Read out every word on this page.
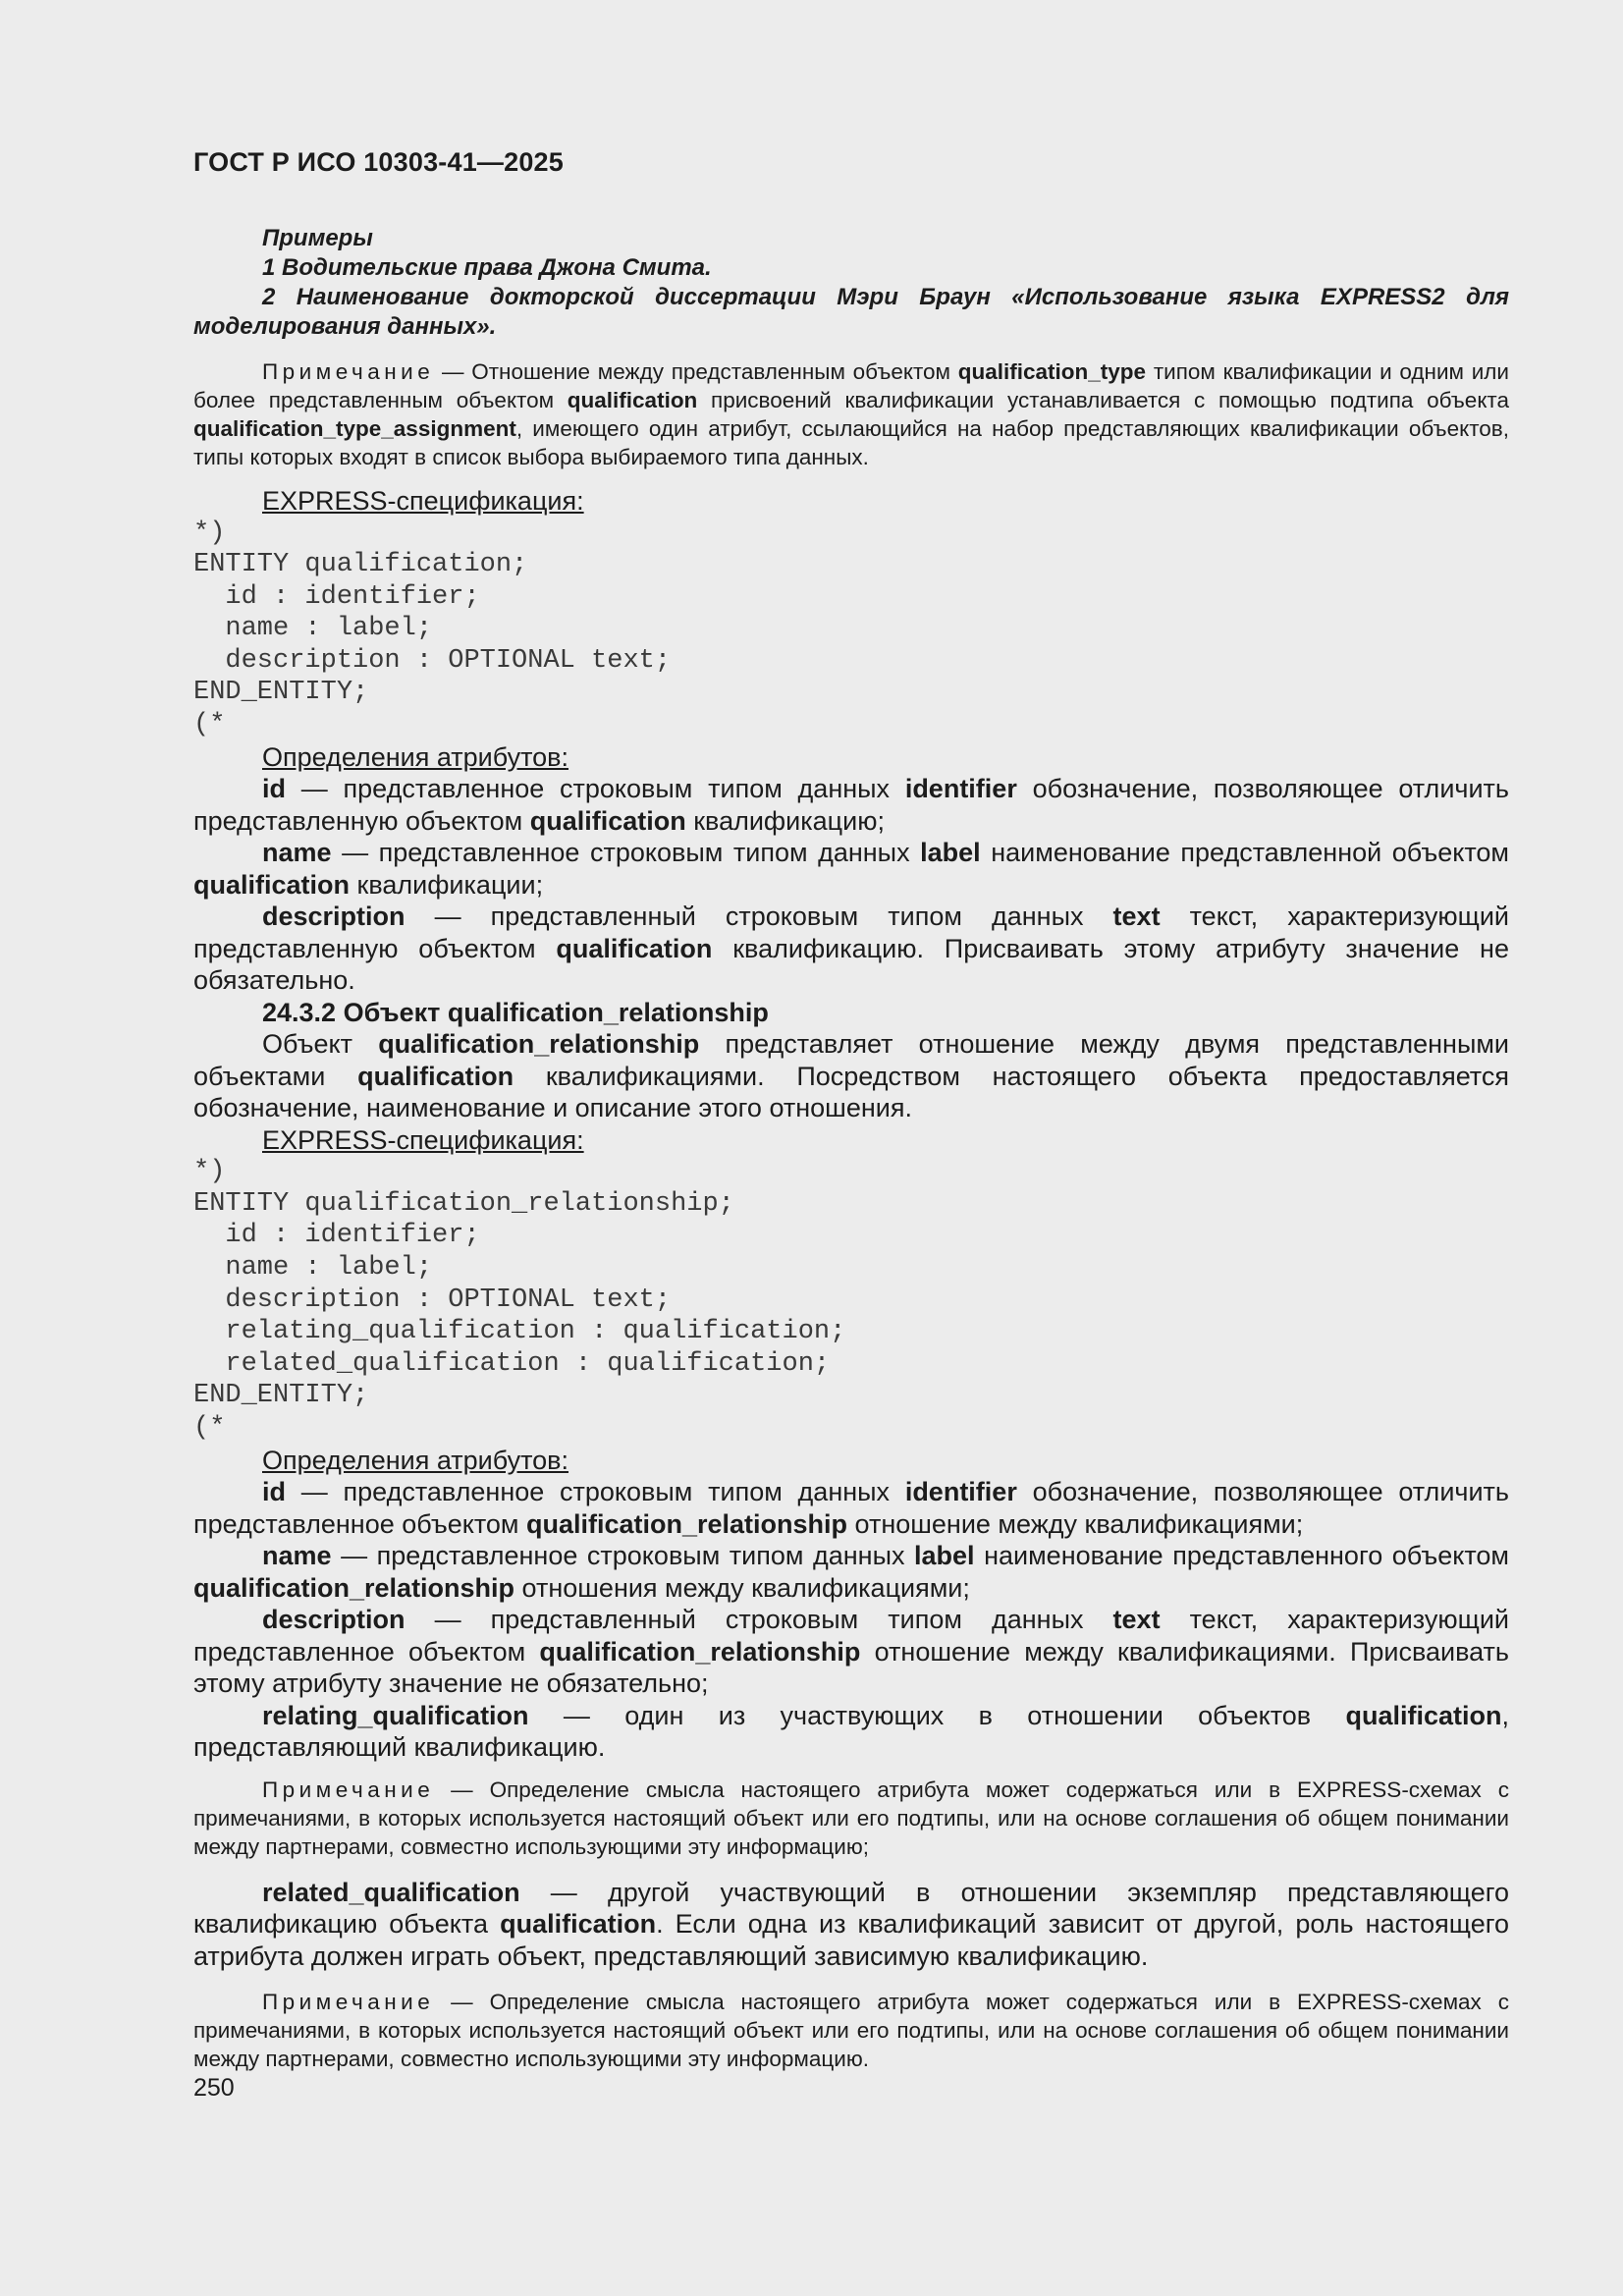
ГОСТ Р ИСО 10303-41—2025

Примеры

1 Водительские права Джона Смита.

2 Наименование докторской диссертации Мэри Браун «Использование языка EXPRESS2 для моделирования данных».

Примечание — Отношение между представленным объектом qualification_type типом квалификации и одним или более представленным объектом qualification присвоений квалификации устанавливается с помощью подтипа объекта qualification_type_assignment, имеющего один атрибут, ссылающийся на набор представляющих квалификации объектов, типы которых входят в список выбора выбираемого типа данных.

EXPRESS-спецификация:

*)
ENTITY qualification;
id : identifier;
name : label;
description : OPTIONAL text;
END_ENTITY;
(*

Определения атрибутов:

id — представленное строковым типом данных identifier обозначение, позволяющее отличить представленную объектом qualification квалификацию;

name — представленное строковым типом данных label наименование представленной объектом qualification квалификации;

description — представленный строковым типом данных text текст, характеризующий представленную объектом qualification квалификацию. Присваивать этому атрибуту значение не обязательно.

24.3.2 Объект qualification_relationship

Объект qualification_relationship представляет отношение между двумя представленными объектами qualification квалификациями. Посредством настоящего объекта предоставляется обозначение, наименование и описание этого отношения.

EXPRESS-спецификация:

*)
ENTITY qualification_relationship;
id : identifier;
name : label;
description : OPTIONAL text;
relating_qualification : qualification;
related_qualification : qualification;
END_ENTITY;
(*

Определения атрибутов:

id — представленное строковым типом данных identifier обозначение, позволяющее отличить представленное объектом qualification_relationship отношение между квалификациями;

name — представленное строковым типом данных label наименование представленного объектом qualification_relationship отношения между квалификациями;

description — представленный строковым типом данных text текст, характеризующий представленное объектом qualification_relationship отношение между квалификациями. Присваивать этому атрибуту значение не обязательно;

relating_qualification — один из участвующих в отношении объектов qualification, представляющий квалификацию.

Примечание — Определение смысла настоящего атрибута может содержаться или в EXPRESS-схемах с примечаниями, в которых используется настоящий объект или его подтипы, или на основе соглашения об общем понимании между партнерами, совместно использующими эту информацию;

related_qualification — другой участвующий в отношении экземпляр представляющего квалификацию объекта qualification. Если одна из квалификаций зависит от другой, роль настоящего атрибута должен играть объект, представляющий зависимую квалификацию.

Примечание — Определение смысла настоящего атрибута может содержаться или в EXPRESS-схемах с примечаниями, в которых используется настоящий объект или его подтипы, или на основе соглашения об общем понимании между партнерами, совместно использующими эту информацию.

250
